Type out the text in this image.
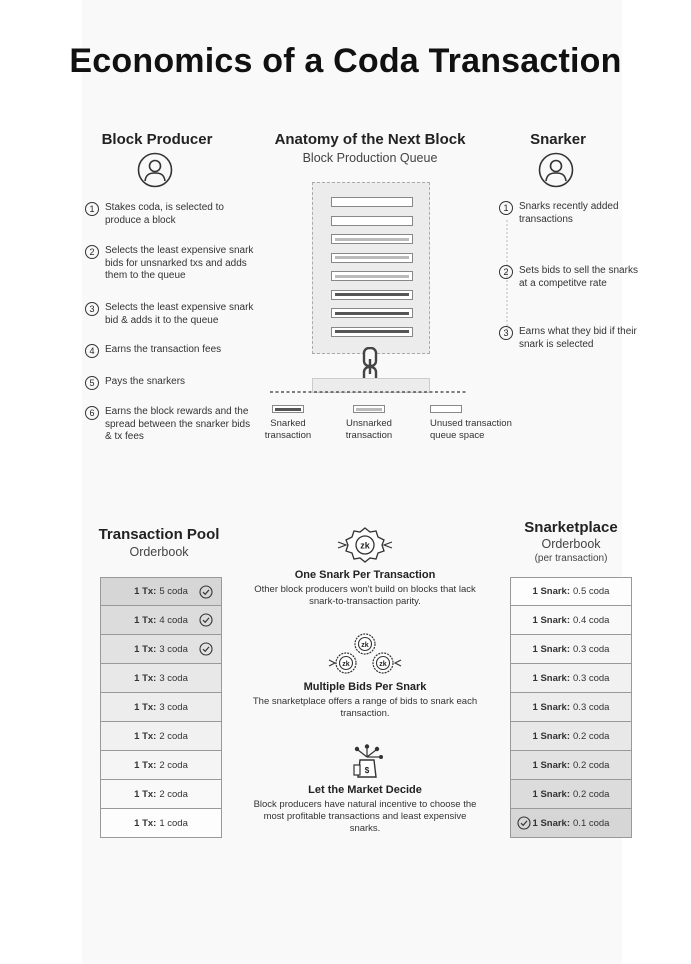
Economics of a Coda Transaction
Block Producer
1	Stakes coda, is selected to produce a block
2	Selects the least expensive snark bids for unsnarked txs and adds them to the queue
3	Selects the least expensive snark bid & adds it to the queue
4	Earns the transaction fees
5	Pays the snarkers
6	Earns the block rewards and the spread between the snarker bids & tx fees
Anatomy of the Next Block
Block Production Queue
Snarked transaction
Unsnarked transaction
Unused transaction queue space
Snarker
1	Snarks recently added transactions
2	Sets bids to sell the snarks at a competitve rate
3	Earns what they bid if their snark is selected
Transaction Pool
Orderbook
1 Tx: 5 coda
1 Tx: 4 coda
1 Tx: 3 coda
1 Tx: 3 coda
1 Tx: 3 coda
1 Tx: 2 coda
1 Tx: 2 coda
1 Tx: 2 coda
1 Tx: 1 coda
Snarketplace
Orderbook
(per transaction)
1 Snark: 0.5 coda
1 Snark: 0.4 coda
1 Snark: 0.3 coda
1 Snark: 0.3 coda
1 Snark: 0.3 coda
1 Snark: 0.2 coda
1 Snark: 0.2 coda
1 Snark: 0.2 coda
1 Snark: 0.1 coda
zk
One Snark Per Transaction
Other block producers won't build on blocks that lack snark-to-transaction parity.
zk
zk	zk
Multiple Bids Per Snark
The snarketplace offers a range of bids to snark each transaction.
$
Let the Market Decide
Block producers have natural incentive to choose the most profitable transactions and least expensive snarks.
